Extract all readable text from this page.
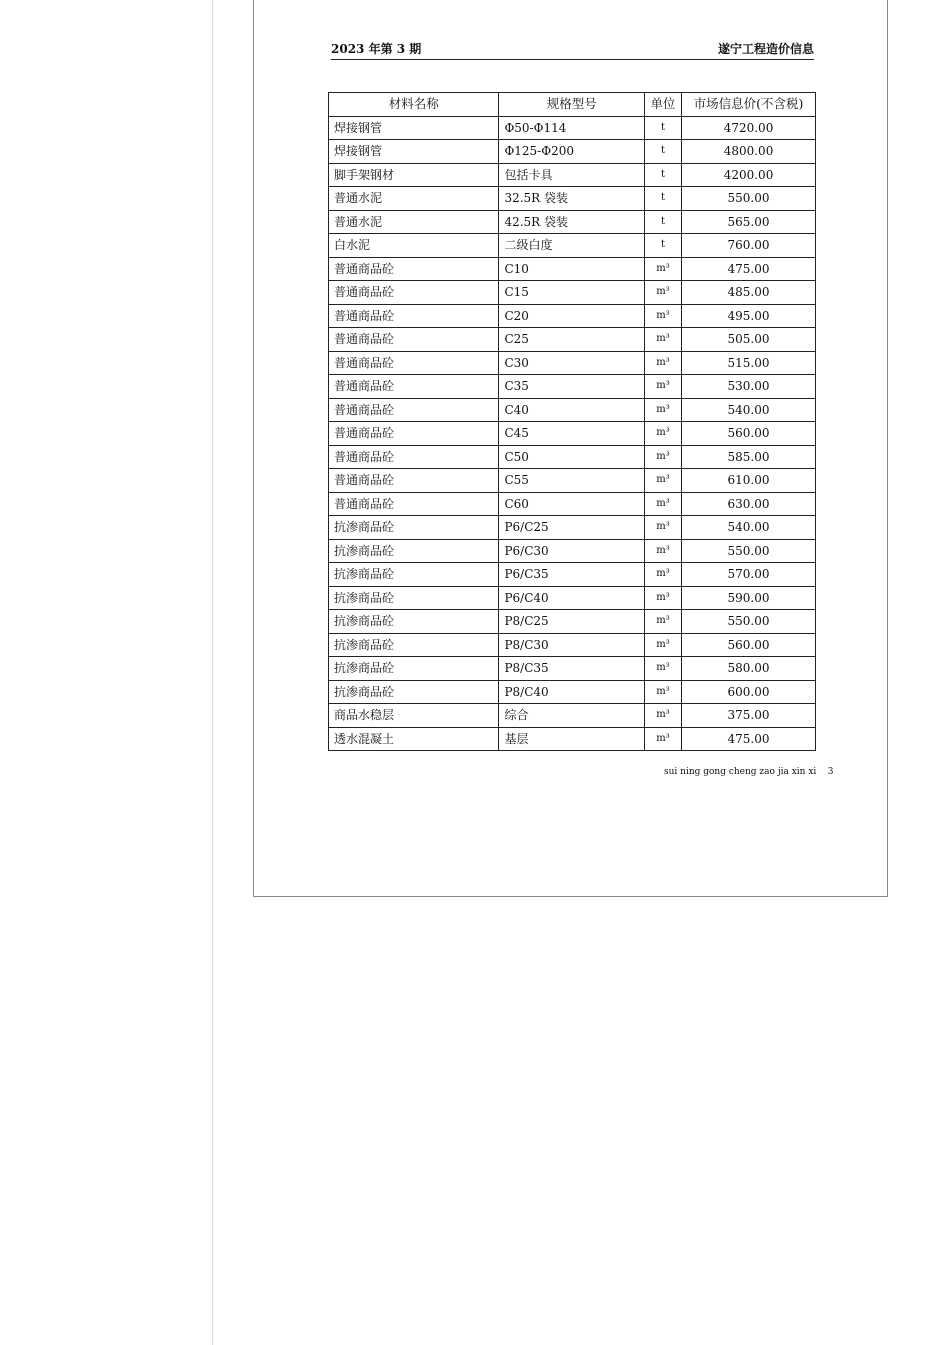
2023 年第 3 期	遂宁工程造价信息
材料名称	规格型号	单位	市场信息价(不含税)
焊接钢管	Φ50-Φ114	t	4720.00
焊接钢管	Φ125-Φ200	t	4800.00
脚手架钢材	包括卡具	t	4200.00
普通水泥	32.5R 袋装	t	550.00
普通水泥	42.5R 袋装	t	565.00
白水泥	二级白度	t	760.00
普通商品砼	C10	m³	475.00
普通商品砼	C15	m³	485.00
普通商品砼	C20	m³	495.00
普通商品砼	C25	m³	505.00
普通商品砼	C30	m³	515.00
普通商品砼	C35	m³	530.00
普通商品砼	C40	m³	540.00
普通商品砼	C45	m³	560.00
普通商品砼	C50	m³	585.00
普通商品砼	C55	m³	610.00
普通商品砼	C60	m³	630.00
抗渗商品砼	P6/C25	m³	540.00
抗渗商品砼	P6/C30	m³	550.00
抗渗商品砼	P6/C35	m³	570.00
抗渗商品砼	P6/C40	m³	590.00
抗渗商品砼	P8/C25	m³	550.00
抗渗商品砼	P8/C30	m³	560.00
抗渗商品砼	P8/C35	m³	580.00
抗渗商品砼	P8/C40	m³	600.00
商品水稳层	综合	m³	375.00
透水混凝土	基层	m³	475.00
sui ning gong cheng zao jia xin xi 3
